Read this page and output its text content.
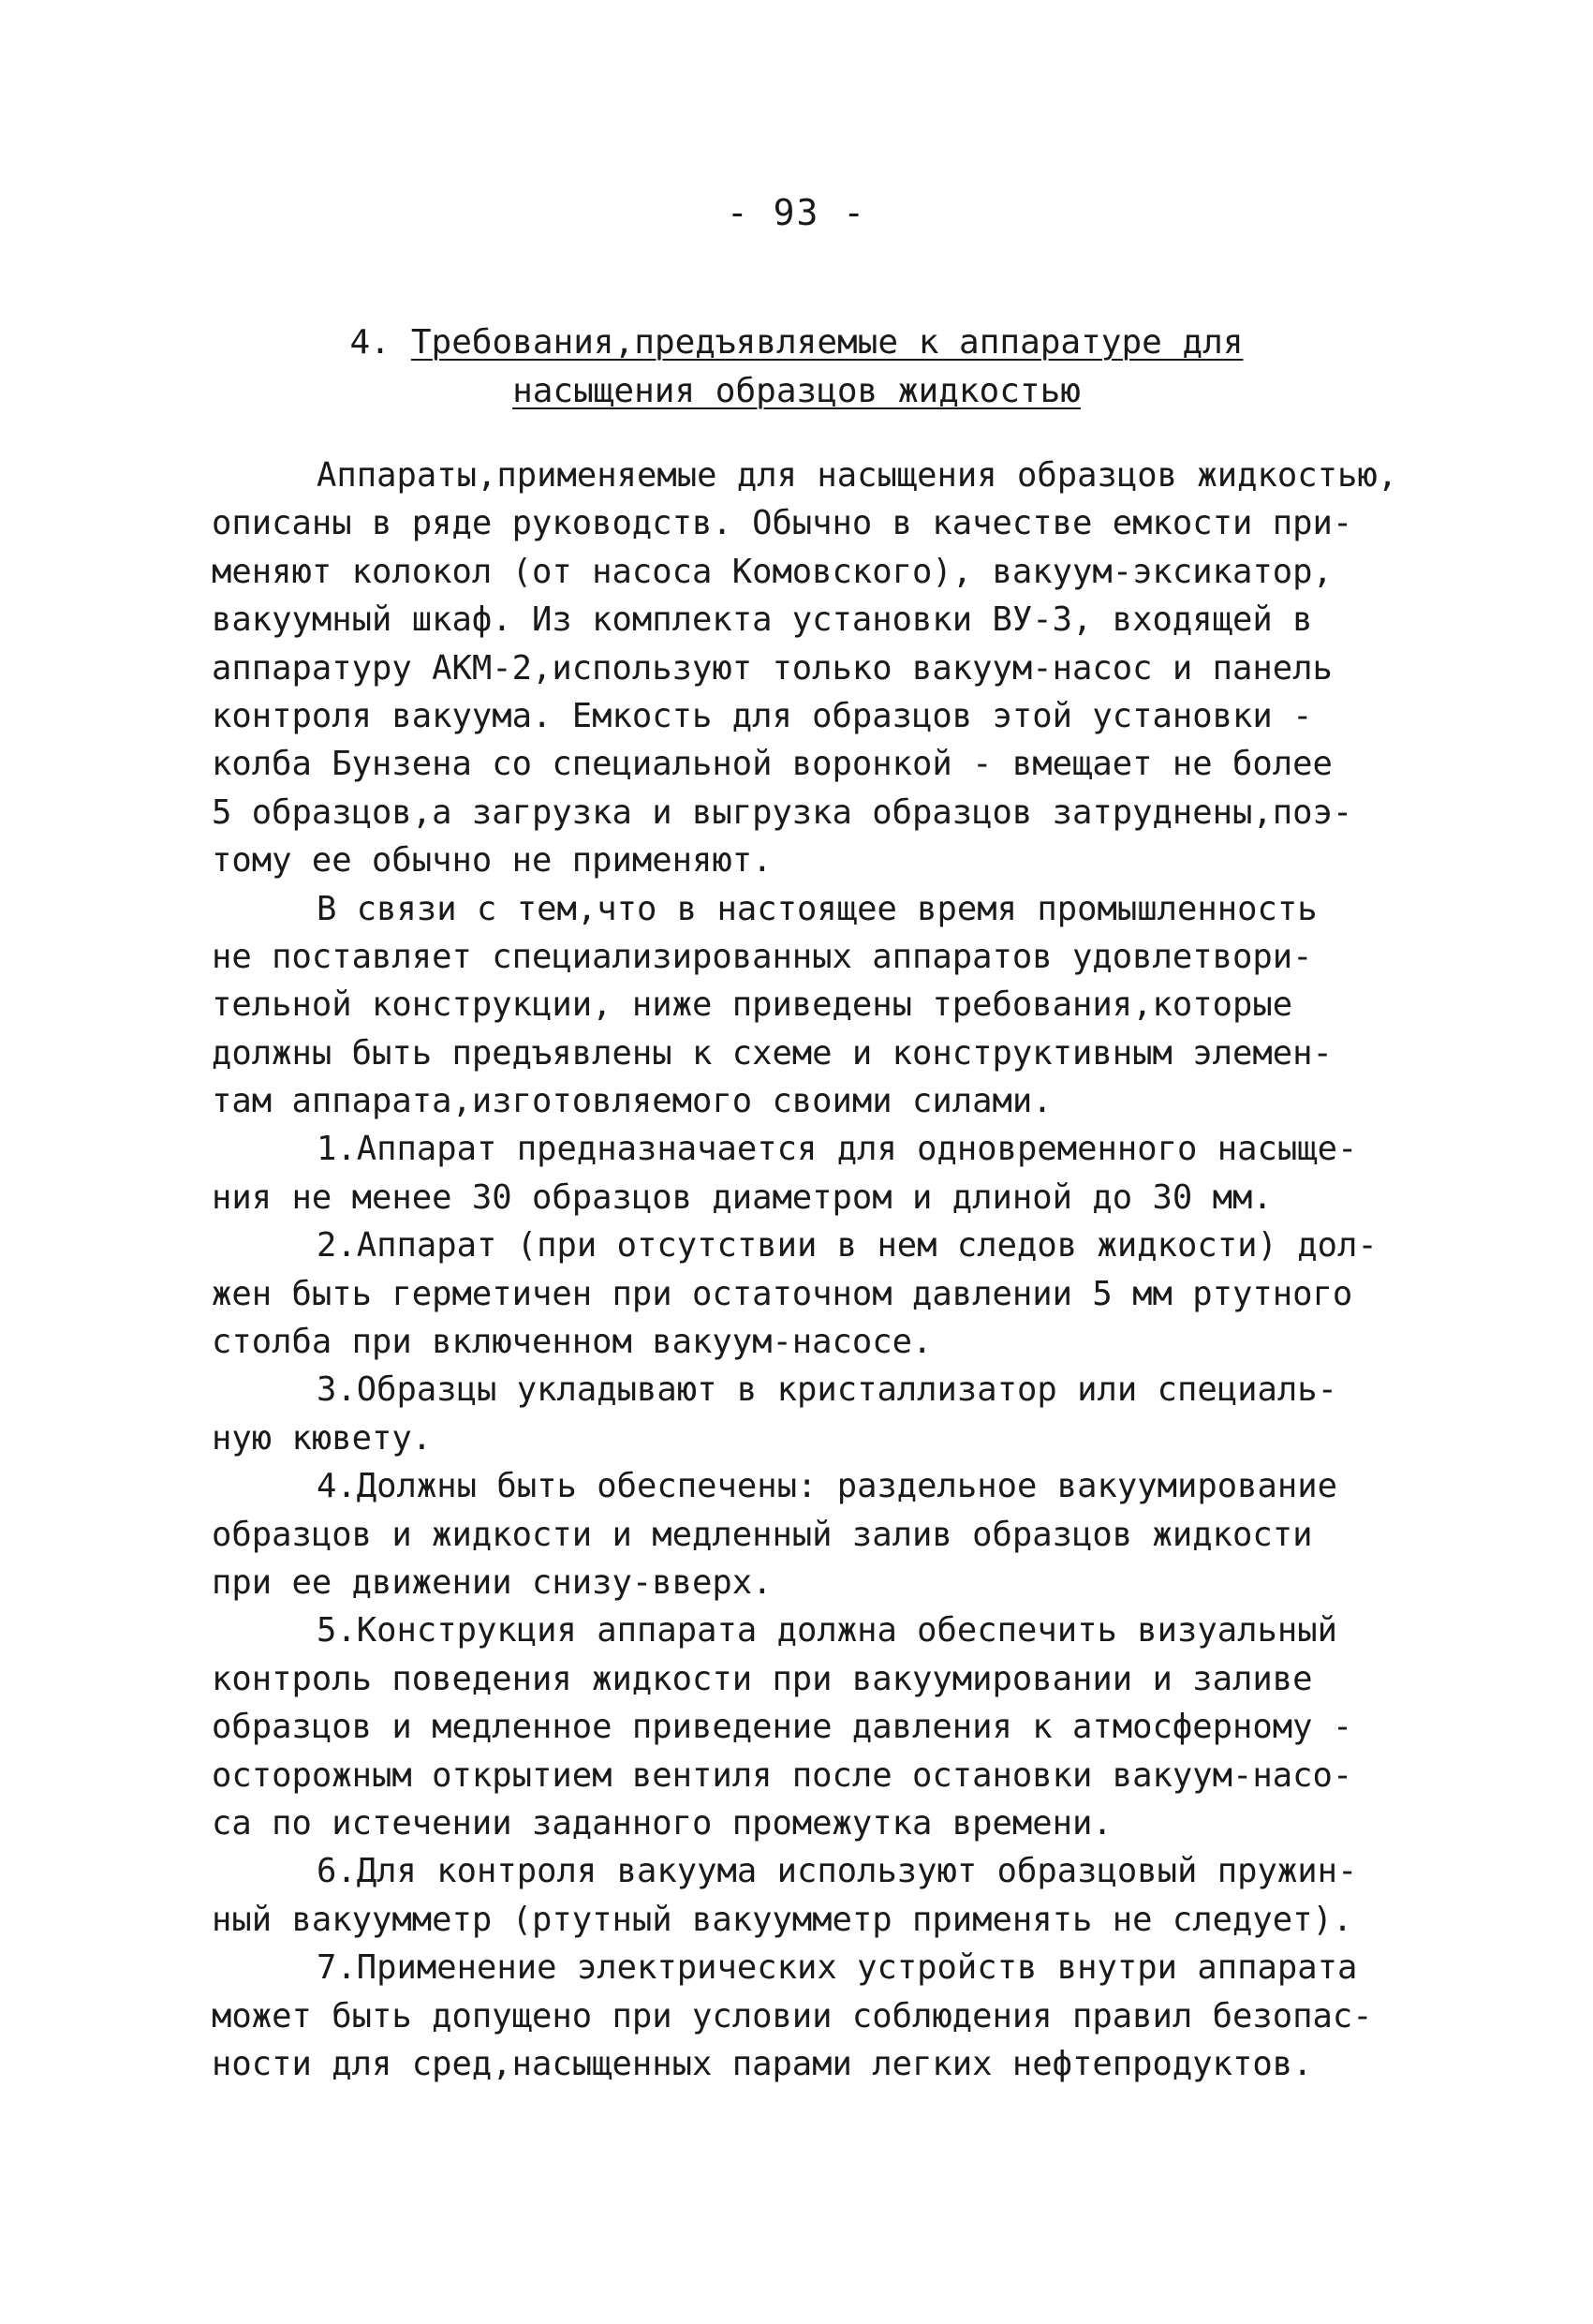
- 93 -
4. Требования,предъявляемые к аппаратуре для
насыщения образцов жидкостью
Аппараты,применяемые для насыщения образцов жидкостью,
описаны в ряде руководств. Обычно в качестве емкости при-
меняют колокол (от насоса Комовского), вакуум-эксикатор,
вакуумный шкаф. Из комплекта установки ВУ-3, входящей в
аппаратуру АКМ-2,используют только вакуум-насос и панель
контроля вакуума. Емкость для образцов этой установки -
колба Бунзена со специальной воронкой - вмещает не более
5 образцов,а загрузка и выгрузка образцов затруднены,поэ-
тому ее обычно не применяют.
В связи с тем,что в настоящее время промышленность
не поставляет специализированных аппаратов удовлетвори-
тельной конструкции, ниже приведены требования,которые
должны быть предъявлены к схеме и конструктивным элемен-
там аппарата,изготовляемого своими силами.
1.Аппарат предназначается для одновременного насыще-
ния не менее 30 образцов диаметром и длиной до 30 мм.
2.Аппарат (при отсутствии в нем следов жидкости) дол-
жен быть герметичен при остаточном давлении 5 мм ртутного
столба при включенном вакуум-насосе.
3.Образцы укладывают в кристаллизатор или специаль-
ную кювету.
4.Должны быть обеспечены: раздельное вакуумирование
образцов и жидкости и медленный залив образцов жидкости
при ее движении снизу-вверх.
5.Конструкция аппарата должна обеспечить визуальный
контроль поведения жидкости при вакуумировании и заливе
образцов и медленное приведение давления к атмосферному -
осторожным открытием вентиля после остановки вакуум-насо-
са по истечении заданного промежутка времени.
6.Для контроля вакуума используют образцовый пружин-
ный вакуумметр (ртутный вакуумметр применять не следует).
7.Применение электрических устройств внутри аппарата
может быть допущено при условии соблюдения правил безопас-
ности для сред,насыщенных парами легких нефтепродуктов.
